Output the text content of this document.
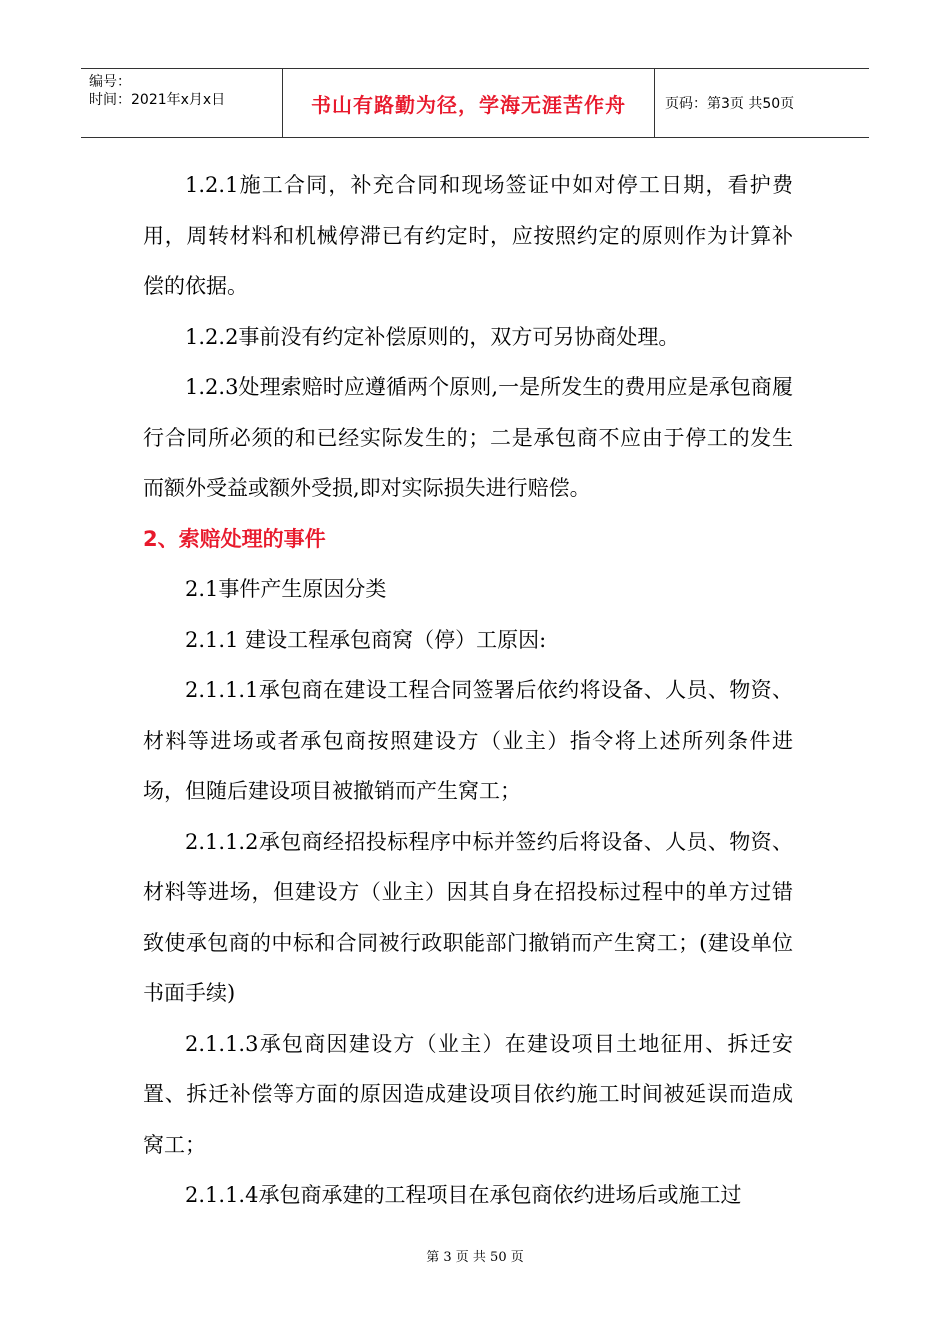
编号：
时间：2021年x月x日	书山有路勤为径，学海无涯苦作舟	页码：第3页 共50页

1.2.1施工合同，补充合同和现场签证中如对停工日期，看护费用，周转材料和机械停滞已有约定时，应按照约定的原则作为计算补偿的依据。

1.2.2事前没有约定补偿原则的，双方可另协商处理。

1.2.3处理索赔时应遵循两个原则,一是所发生的费用应是承包商履行合同所必须的和已经实际发生的；二是承包商不应由于停工的发生而额外受益或额外受损,即对实际损失进行赔偿。

2、索赔处理的事件

2.1事件产生原因分类

2.1.1 建设工程承包商窝（停）工原因:

2.1.1.1承包商在建设工程合同签署后依约将设备、人员、物资、材料等进场或者承包商按照建设方（业主）指令将上述所列条件进场，但随后建设项目被撤销而产生窝工；

2.1.1.2承包商经招投标程序中标并签约后将设备、人员、物资、材料等进场，但建设方（业主）因其自身在招投标过程中的单方过错致使承包商的中标和合同被行政职能部门撤销而产生窝工；(建设单位书面手续)

2.1.1.3承包商因建设方（业主）在建设项目土地征用、拆迁安置、拆迁补偿等方面的原因造成建设项目依约施工时间被延误而造成窝工；

2.1.1.4承包商承建的工程项目在承包商依约进场后或施工过

第 3 页 共 50 页
